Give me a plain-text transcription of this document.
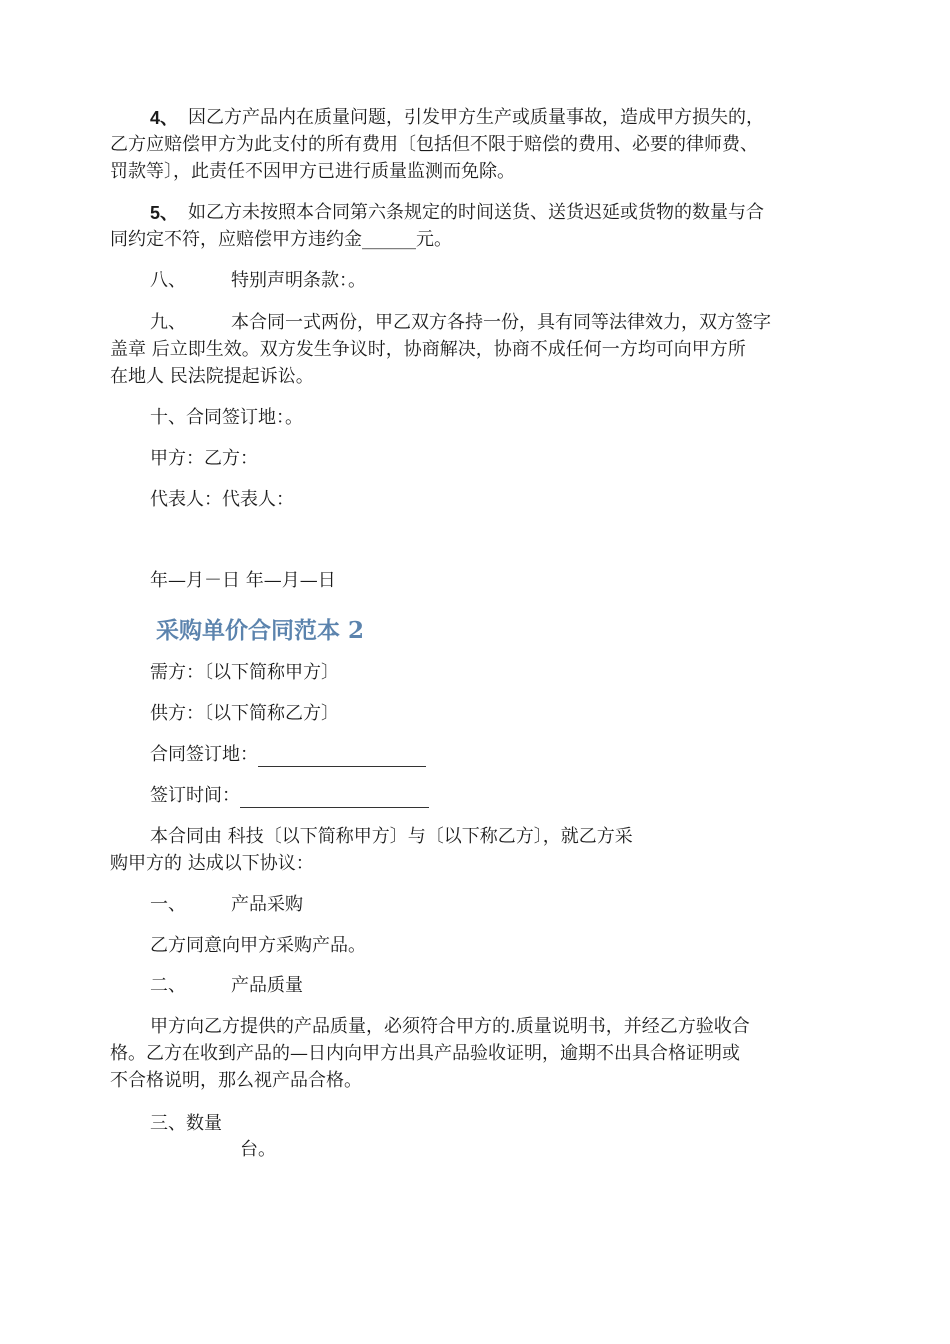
4、 因乙方产品内在质量问题，引发甲方生产或质量事故，造成甲方损失的，
乙方应赔偿甲方为此支付的所有费用〔包括但不限于赔偿的费用、必要的律师费、
罚款等〕，此责任不因甲方已进行质量监测而免除。
5、 如乙方未按照本合同第六条规定的时间送货、送货迟延或货物的数量与合
同约定不符，应赔偿甲方违约金______元。
八、	特别声明条款：。
九、	本合同一式两份，甲乙双方各持一份，具有同等法律效力，双方签字
盖章 后立即生效。双方发生争议时，协商解决，协商不成任何一方均可向甲方所
在地人 民法院提起诉讼。
十、合同签订地：。
甲方：乙方：
代表人：代表人：
年—月－日 年—月—日
采购单价合同范本 2
需方：〔以下简称甲方〕
供方：〔以下简称乙方〕
合同签订地：
签订时间：
本合同由 科技〔以下简称甲方〕与〔以下称乙方〕，就乙方采
购甲方的 达成以下协议：
一、	产品采购
乙方同意向甲方采购产品。
二、	产品质量
甲方向乙方提供的产品质量，必须符合甲方的.质量说明书，并经乙方验收合
格。乙方在收到产品的—日内向甲方出具产品验收证明，逾期不出具合格证明或
不合格说明，那么视产品合格。
三、数量
台。
